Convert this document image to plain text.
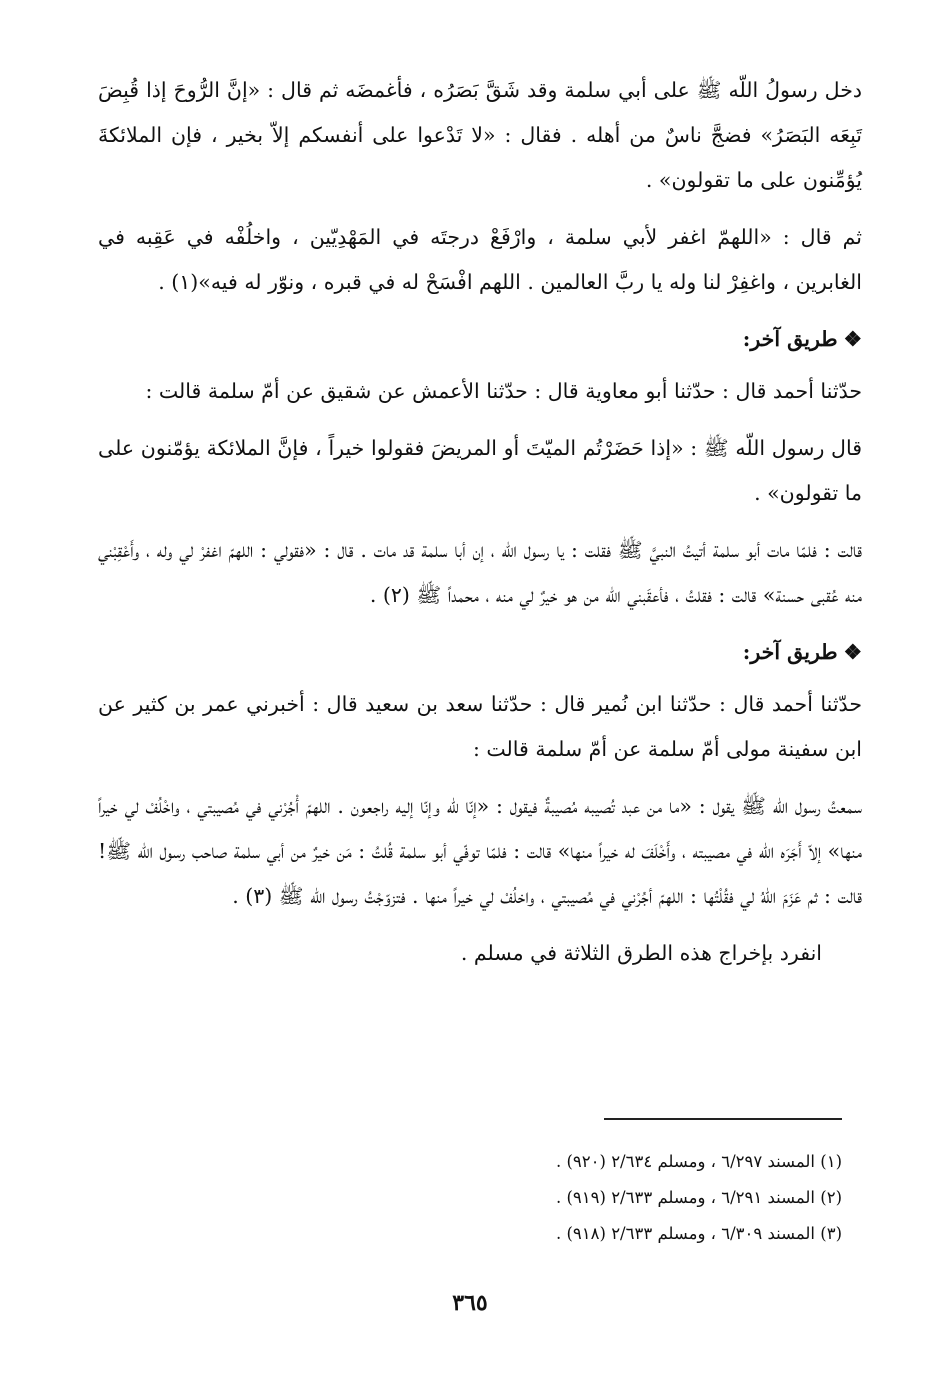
دخل رسولُ اللّه ﷺ على أبي سلمة وقد شَقَّ بَصَرُه ، فأغمضَه ثم قال : «إنَّ الرُّوحَ إذا قُبِضَ تَبِعَه البَصَرُ» فضجَّ ناسٌ من أهله . فقال : «لا تَدْعوا على أنفسكم إلاّ بخير ، فإن الملائكةَ يُؤمِّنون على ما تقولون» .

ثم قال : «اللهمّ اغفر لأبي سلمة ، وارْفَعْ درجتَه في المَهْدِيّين ، واخلُفْه في عَقِبه في الغابرين ، واغفِرْ لنا وله يا ربَّ العالمين . اللهم افْسَحْ له في قبره ، ونوّر له فيه»(١) .

❖طريق آخر:

حدّثنا أحمد قال : حدّثنا أبو معاوية قال : حدّثنا الأعمش عن شقيق عن أمّ سلمة قالت :

قال رسول اللّه ﷺ : «إذا حَضَرْتُم الميّتَ أو المريضَ فقولوا خيراً ، فإنَّ الملائكة يؤمّنون على ما تقولون» .

قالت : فلمّا مات أبو سلمة أتيتُ النبيَّ ﷺ فقلت : يا رسول اللّه ، إن أبا سلمة قد مات . قال : «فقولي : اللهمّ اغفرْ لي وله ، وأَعْقِبْني منه عُقبى حسنة» قالت : فقلتُ ، فأعقَبني اللّه من هو خيرٌ لي منه ، محمداً ﷺ (٢) .

❖طريق آخر:

حدّثنا أحمد قال : حدّثنا ابن نُمير قال : حدّثنا سعد بن سعيد قال : أخبرني عمر بن كثير عن ابن سفينة مولى أمّ سلمة عن أمّ سلمة قالت :

سمعتُ رسول اللّه ﷺ يقول : «ما من عبد تُصيبه مُصيبةٌ فيقول : «إنّا للّه وإنّا إليه راجعون . اللهمّ أْجُرْني في مُصيبتي ، واخْلُفْ لي خيراً منها» إلاّ أَجَرَه اللّه في مصيبته ، وأَخْلَفَ له خيراً منها» قالت : فلمّا توفّي أبو سلمة قُلتُ : مَن خيرٌ من أبي سلمة صاحب رسول اللّه ﷺ! قالت : ثم عَزَمَ اللّهُ لي فقُلْتُها : اللهمّ أجُرْني في مُصيبتي ، واخلُفْ لي خيراً منها . فتزوّجْتُ رسول اللّه ﷺ (٣) .

انفرد بإخراج هذه الطرق الثلاثة في مسلم .

(١) المسند ٦/٢٩٧ ، ومسلم ٢/٦٣٤ (٩٢٠) .

(٢) المسند ٦/٢٩١ ، ومسلم ٢/٦٣٣ (٩١٩) .

(٣) المسند ٦/٣٠٩ ، ومسلم ٢/٦٣٣ (٩١٨) .

٣٦٥
